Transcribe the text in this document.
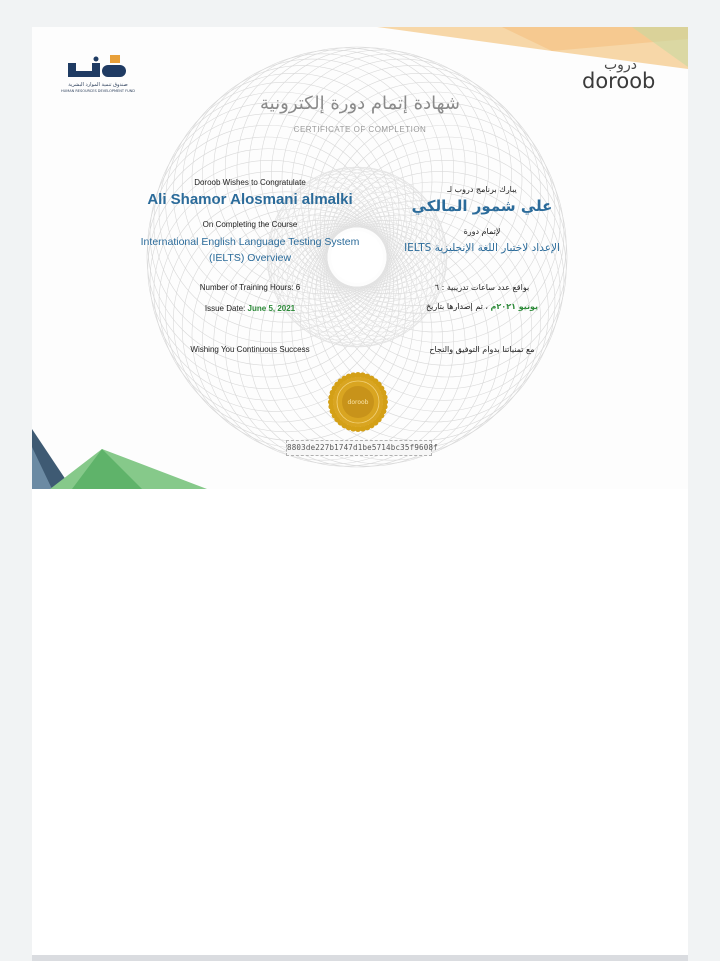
صندوق تنمية الموارد البشرية
HUMAN RESOURCES DEVELOPMENT FUND
دروب
doroob
شهادة إتمام دورة إلكترونية
CERTIFICATE OF COMPLETION
Doroob Wishes to Congratulate
Ali Shamor Alosmani almalki
On Completing the Course
International English Language Testing System (IELTS) Overview
Number of Training Hours: 6
Issue Date: June 5, 2021
Wishing You Continuous Success
يبارك برنامج دروب لـ
علي شمور المالكي
لإتمام دورة
الإعداد لاختبار اللغة الإنجليزية IELTS
بواقع عدد ساعات تدريبية : ٦
يونيو ٢٠٢١م ، تم إصدارها بتاريخ
مع تمنياتنا بدوام التوفيق والنجاح
doroob
8803de227b1747d1be5714bc35f9608f
